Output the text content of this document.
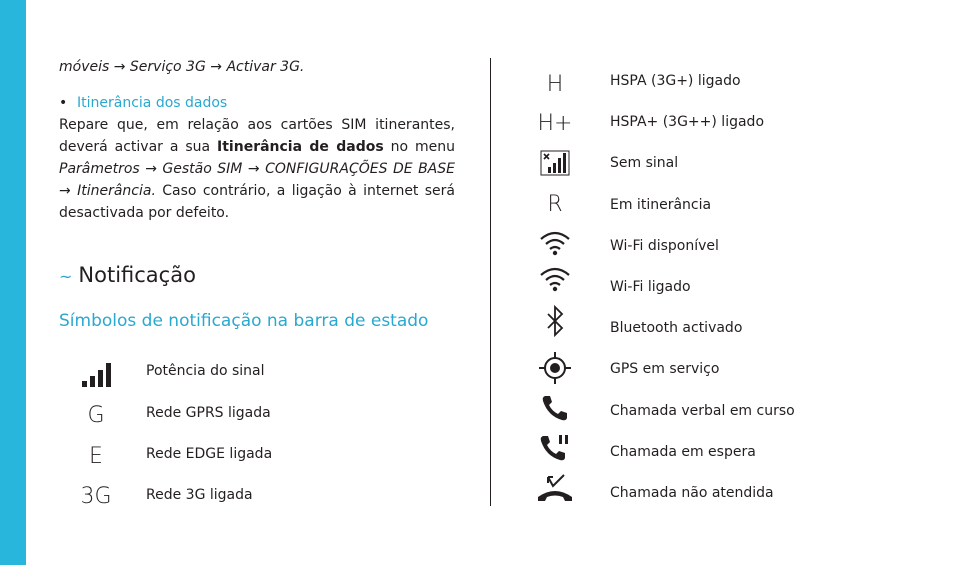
móveis → Serviço 3G → Activar 3G.

• Itinerância dos dados

Repare que, em relação aos cartões SIM itinerantes, deverá activar a sua Itinerância de dados no menu Parâmetros → Gestão SIM → CONFIGURAÇÕES DE BASE → Itinerância. Caso contrário, a ligação à internet será desactivada por defeito.

~ Notificação
Símbolos de notificação na barra de estado
Potência do sinal
G	Rede GPRS ligada
E	Rede EDGE ligada
3G Rede 3G ligada
H	HSPA (3G+) ligado
H+	HSPA+ (3G++) ligado
Sem sinal
R	Em itinerância
Wi-Fi disponível
Wi-Fi ligado
Bluetooth activado
GPS em serviço
Chamada verbal em curso
Chamada em espera
Chamada não atendida
